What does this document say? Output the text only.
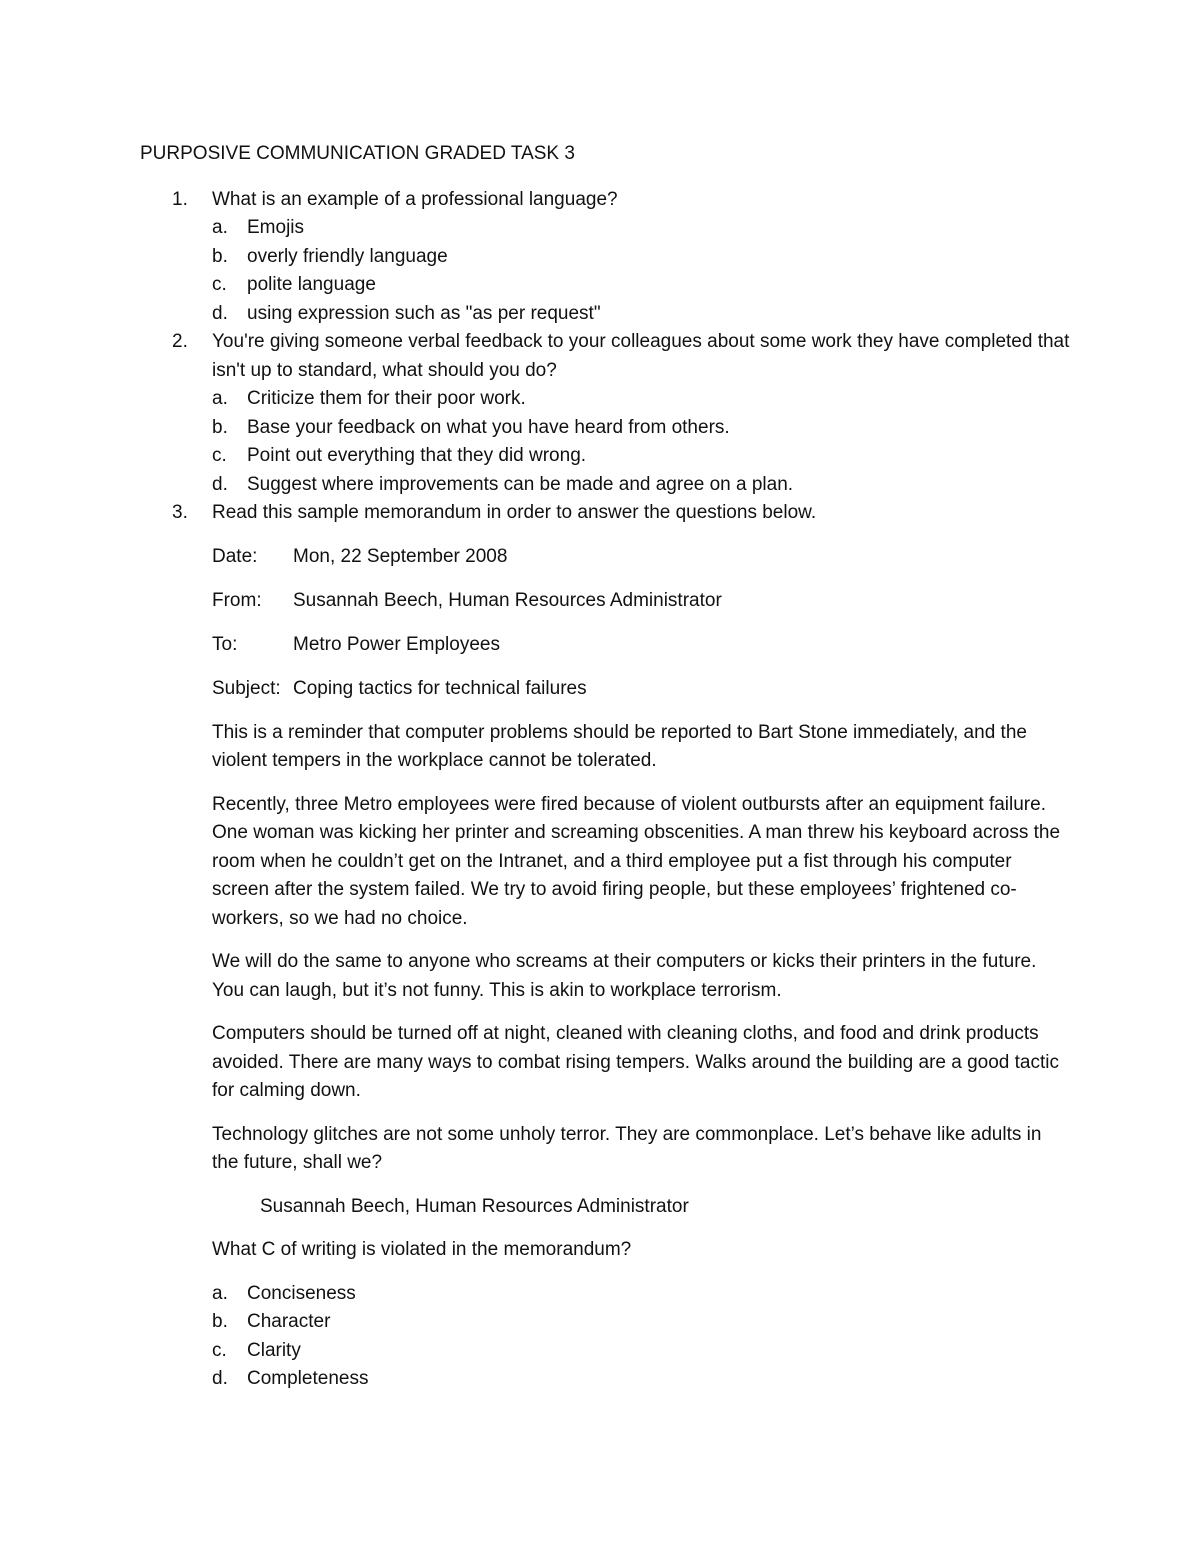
PURPOSIVE COMMUNICATION GRADED TASK 3

1. What is an example of a professional language?
a. Emojis
b. overly friendly language
c. polite language
d. using expression such as "as per request"
2. You're giving someone verbal feedback to your colleagues about some work they have completed that isn't up to standard, what should you do?
a. Criticize them for their poor work.
b. Base your feedback on what you have heard from others.
c. Point out everything that they did wrong.
d. Suggest where improvements can be made and agree on a plan.
3. Read this sample memorandum in order to answer the questions below.
Date:	Mon, 22 September 2008
From:	Susannah Beech, Human Resources Administrator
To:	Metro Power Employees
Subject: Coping tactics for technical failures

This is a reminder that computer problems should be reported to Bart Stone immediately, and the violent tempers in the workplace cannot be tolerated.

Recently, three Metro employees were fired because of violent outbursts after an equipment failure. One woman was kicking her printer and screaming obscenities. A man threw his keyboard across the room when he couldn’t get on the Intranet, and a third employee put a fist through his computer screen after the system failed. We try to avoid firing people, but these employees’ frightened co-workers, so we had no choice.

We will do the same to anyone who screams at their computers or kicks their printers in the future. You can laugh, but it’s not funny. This is akin to workplace terrorism.

Computers should be turned off at night, cleaned with cleaning cloths, and food and drink products avoided. There are many ways to combat rising tempers. Walks around the building are a good tactic for calming down.

Technology glitches are not some unholy terror. They are commonplace. Let’s behave like adults in the future, shall we?

Susannah Beech, Human Resources Administrator

What C of writing is violated in the memorandum?

a. Conciseness
b. Character
c. Clarity
d. Completeness
